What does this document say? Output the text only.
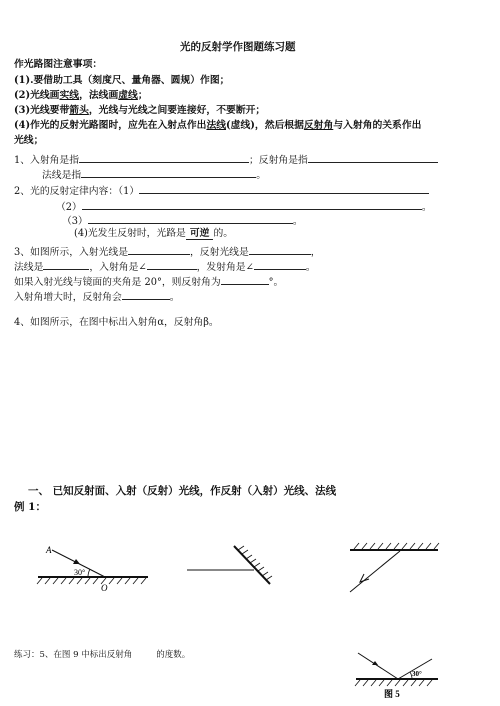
光的反射学作图题练习题
作光路图注意事项：
(1).要借助工具（刻度尺、量角器、圆规）作图；
(2)光线画实线，法线画虚线；
(3)光线要带箭头，光线与光线之间要连接好，不要断开；
(4)作光的反射光路图时，应先在入射点作出法线(虚线)，然后根据反射角与入射角的关系作出
光线；
1、入射角是指	；反射角是指
法线是指	。
2、光的反射定律内容：（1）
（2）	。
（3）	。
(4)光发生反射时，光路是 可逆 的。
3、如图所示，入射光线是	，反射光线是	，
法线是	，入射角是∠	，发射角是∠	。
如果入射光线与镜面的夹角是 20°，则反射角为	°。
入射角增大时，反射角会	。
4、如图所示，在图中标出入射角α，反射角β。
一、 已知反射面、入射（反射）光线，作反射（入射）光线、法线
例 1：
A
30°
O
练习：5、在图 9 中标出反射角	的度数。
30°
图 5
